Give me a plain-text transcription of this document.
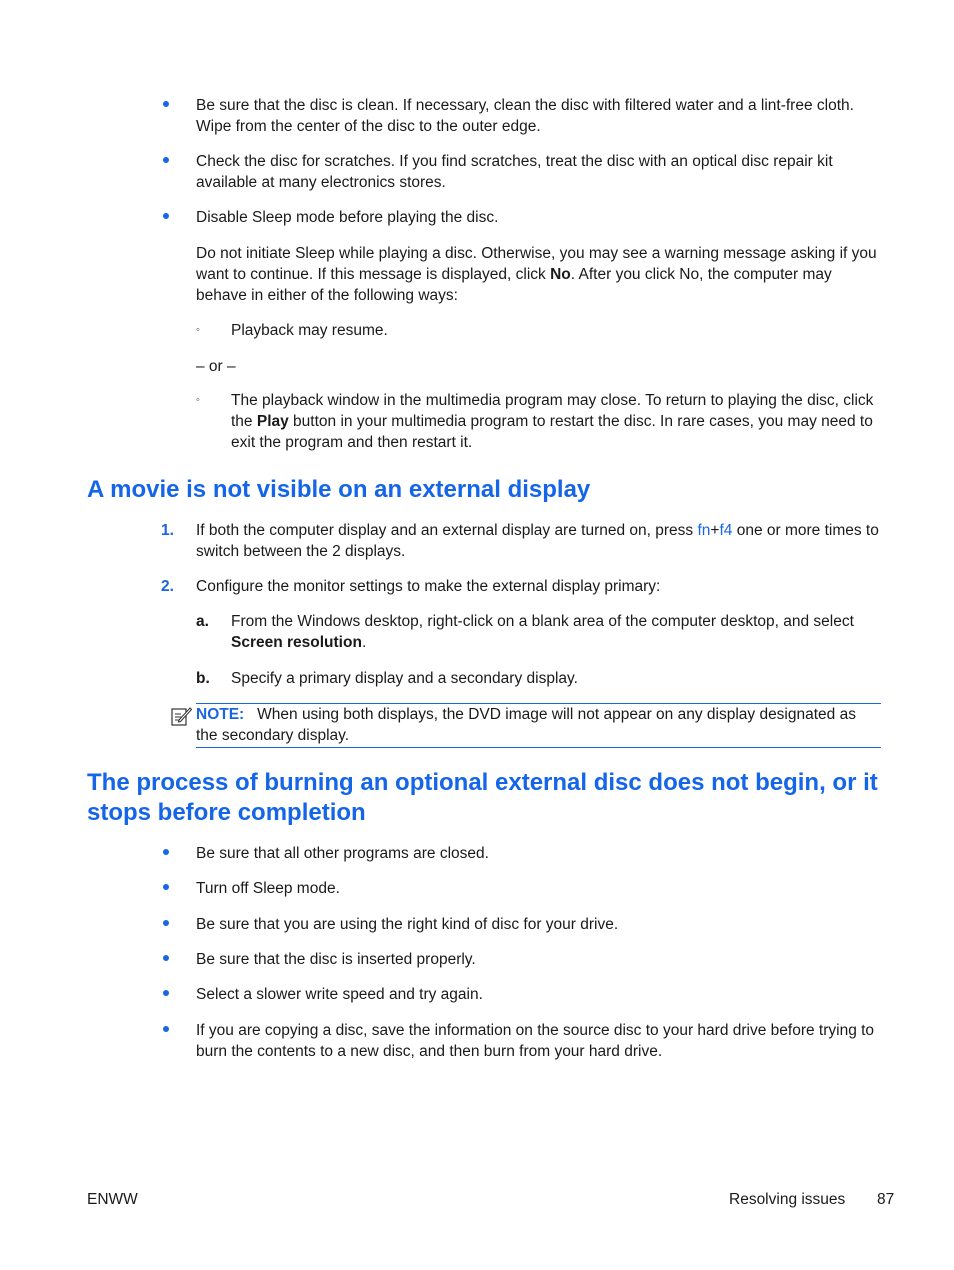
Be sure that the disc is clean. If necessary, clean the disc with filtered water and a lint-free cloth. Wipe from the center of the disc to the outer edge.
Check the disc for scratches. If you find scratches, treat the disc with an optical disc repair kit available at many electronics stores.
Disable Sleep mode before playing the disc.
Do not initiate Sleep while playing a disc. Otherwise, you may see a warning message asking if you want to continue. If this message is displayed, click No. After you click No, the computer may behave in either of the following ways:
◦ Playback may resume.
– or –
◦ The playback window in the multimedia program may close. To return to playing the disc, click the Play button in your multimedia program to restart the disc. In rare cases, you may need to exit the program and then restart it.
A movie is not visible on an external display
1. If both the computer display and an external display are turned on, press fn+f4 one or more times to switch between the 2 displays.
2. Configure the monitor settings to make the external display primary:
a. From the Windows desktop, right-click on a blank area of the computer desktop, and select Screen resolution.
b. Specify a primary display and a secondary display.
NOTE: When using both displays, the DVD image will not appear on any display designated as the secondary display.
The process of burning an optional external disc does not begin, or it stops before completion
Be sure that all other programs are closed.
Turn off Sleep mode.
Be sure that you are using the right kind of disc for your drive.
Be sure that the disc is inserted properly.
Select a slower write speed and try again.
If you are copying a disc, save the information on the source disc to your hard drive before trying to burn the contents to a new disc, and then burn from your hard drive.
ENWW	Resolving issues 87
